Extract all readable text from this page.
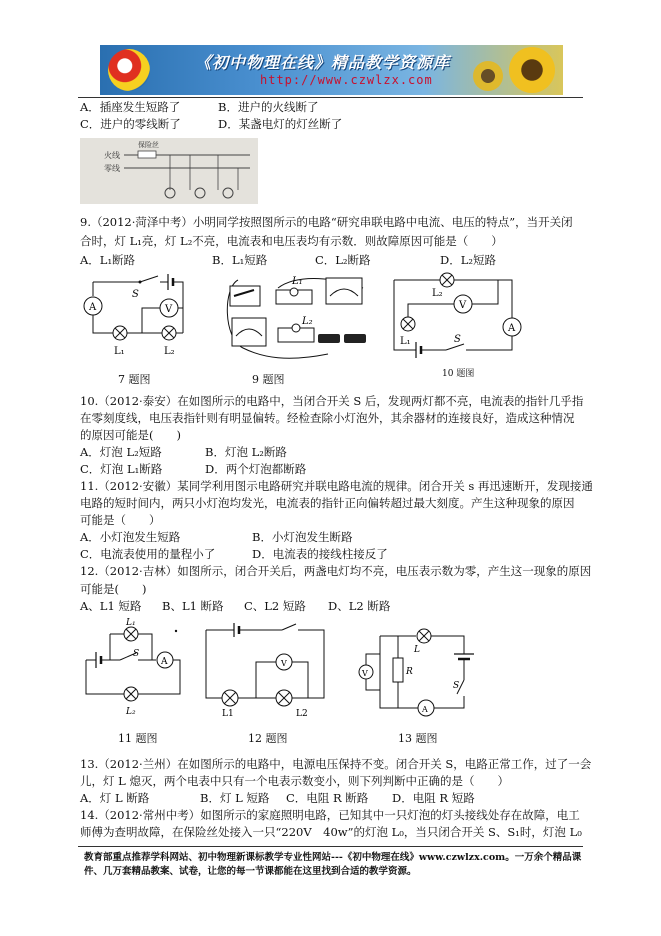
《初中物理在线》精品教学资源库
http://www.czwlzx.com
A．插座发生短路了	B．进户的火线断了
C．进户的零线断了	D．某盏电灯的灯丝断了
火线
零线
保险丝
9.（2012·菏泽中考）小明同学按照图所示的电路“研究串联电路中电流、电压的特点”，当开关闭
合时，灯 L₁亮，灯 L₂不亮，电流表和电压表均有示数．则故障原因可能是（　　）
A．L₁断路	B．L₁短路	C．L₂断路	D．L₂短路
S
A	V
L₁	L₂
7 题图
L₁
L₂
9 题图
L₂
L₁
V
A
S
10 题图
10.（2012·泰安）在如图所示的电路中，当闭合开关 S 后，发现两灯都不亮，电流表的指针几乎指
在零刻度线，电压表指针则有明显偏转。经检查除小灯泡外，其余器材的连接良好，造成这种情况
的原因可能是(　　)
A．灯泡 L₂短路	B．灯泡 L₂断路
C．灯泡 L₁断路	D．两个灯泡都断路
11.（2012·安徽）某同学利用图示电路研究并联电路电流的规律。闭合开关 s 再迅速断开，发现接通
电路的短时间内，两只小灯泡均发光，电流表的指针正向偏转超过最大刻度。产生这种现象的原因
可能是（　　）
A．小灯泡发生短路	B．小灯泡发生断路
C．电流表使用的量程小了	D．电流表的接线柱接反了
12.（2012·吉林）如图所示，闭合开关后，两盏电灯均不亮，电压表示数为零，产生这一现象的原因
可能是(　　)
A、L1 短路 B、L1 断路 C、L2 短路 D、L2 断路
L₁
S
A
L₂
11 题图
V
L1	L2
12 题图
L
R
S
V
A
13 题图
13.（2012·兰州）在如图所示的电路中，电源电压保持不变。闭合开关 S，电路正常工作，过了一会
儿，灯 L 熄灭，两个电表中只有一个电表示数变小，则下列判断中正确的是（　　）
A．灯 L 断路	B．灯 L 短路 C．电阻 R 断路 D．电阻 R 短路
14.（2012·常州中考）如图所示的家庭照明电路，已知其中一只灯泡的灯头接线处存在故障，电工
师傅为查明故障，在保险丝处接入一只“220V　40w”的灯泡 L₀，当只闭合开关 S、S₁时，灯泡 L₀
教育部重点推荐学科网站、初中物理新课标教学专业性网站---《初中物理在线》www.czwlzx.com。一万余个精品课
件、几万套精品教案、试卷，让您的每一节课都能在这里找到合适的教学资源。
